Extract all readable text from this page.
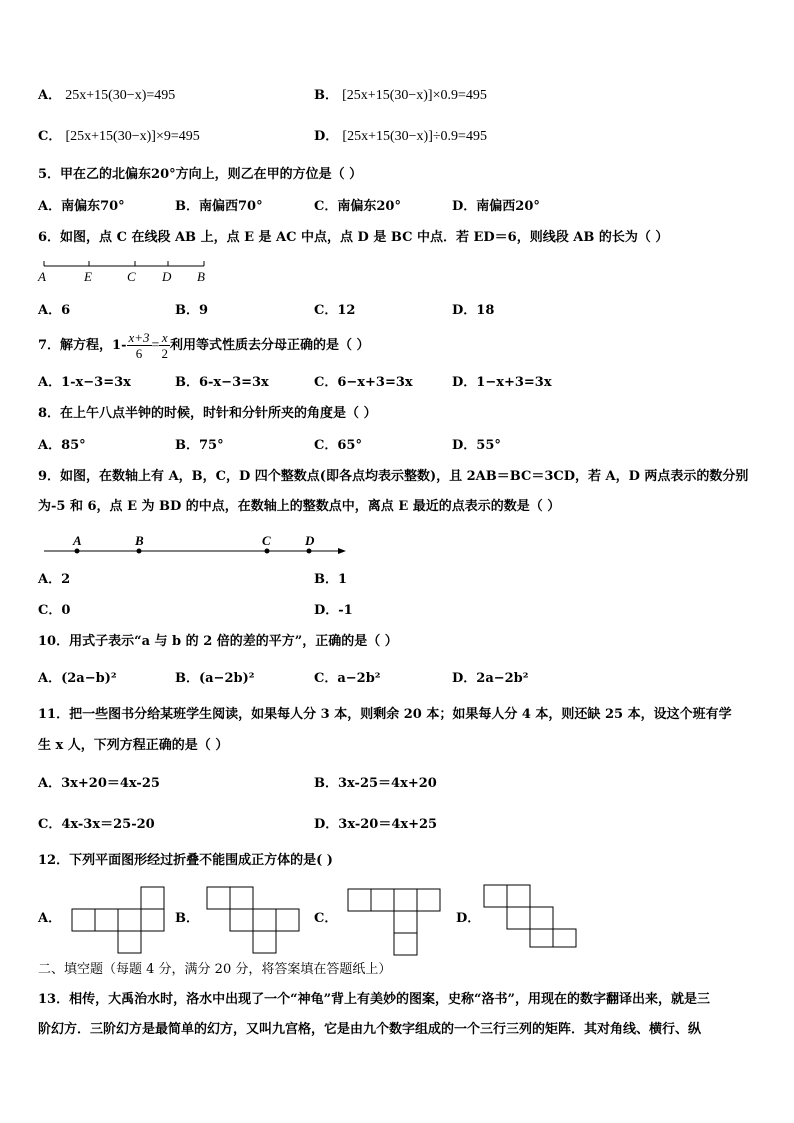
A． 25x+15(30−x)=495	B． [25x+15(30−x)]×0.9=495
C． [25x+15(30−x)]×9=495	D． [25x+15(30−x)]÷0.9=495
5．甲在乙的北偏东20°方向上，则乙在甲的方位是（ ）
A．南偏东70°	B．南偏西70°	C．南偏东20°	D．南偏西20°
6．如图，点 C 在线段 AB 上，点 E 是 AC 中点，点 D 是 BC 中点．若 ED＝6，则线段 AB 的长为（ ）
A	E	C D B
A．6	B．9	C．12	D．18
7．解方程，$1- \frac{x+3}{6} = \frac{x}{2}$ 利用等式性质去分母正确的是（ ）
A．1-x−3=3x	B．6-x−3=3x	C．6−x+3=3x	D．1−x+3=3x
8．在上午八点半钟的时候，时针和分针所夹的角度是（ ）
A．85°	B．75°	C．65°	D．55°
9．如图，在数轴上有 A，B，C，D 四个整数点(即各点均表示整数)，且 2AB＝BC＝3CD，若 A，D 两点表示的数分别
为-5 和 6，点 E 为 BD 的中点，在数轴上的整数点中，离点 E 最近的点表示的数是（ ）
A	B	C	D
A．2	B．1
C．0	D．-1
10．用式子表示“a 与 b 的 2 倍的差的平方”，正确的是（ ）
A．(2a−b)²	B．(a−2b)²	C．a−2b²	D．2a−2b²
11．把一些图书分给某班学生阅读，如果每人分 3 本，则剩余 20 本；如果每人分 4 本，则还缺 25 本，设这个班有学
生 x 人，下列方程正确的是（ ）
A．3x+20＝4x-25	B．3x-25＝4x+20
C．4x-3x＝25-20	D．3x-20＝4x+25
12．下列平面图形经过折叠不能围成正方体的是( )
A．	B．	C．	D．
二、填空题（每题 4 分，满分 20 分，将答案填在答题纸上）
13．相传，大禹治水时，洛水中出现了一个“神龟”背上有美妙的图案，史称“洛书”，用现在的数字翻译出来，就是三
阶幻方．三阶幻方是最简单的幻方，又叫九宫格，它是由九个数字组成的一个三行三列的矩阵．其对角线、横行、纵
